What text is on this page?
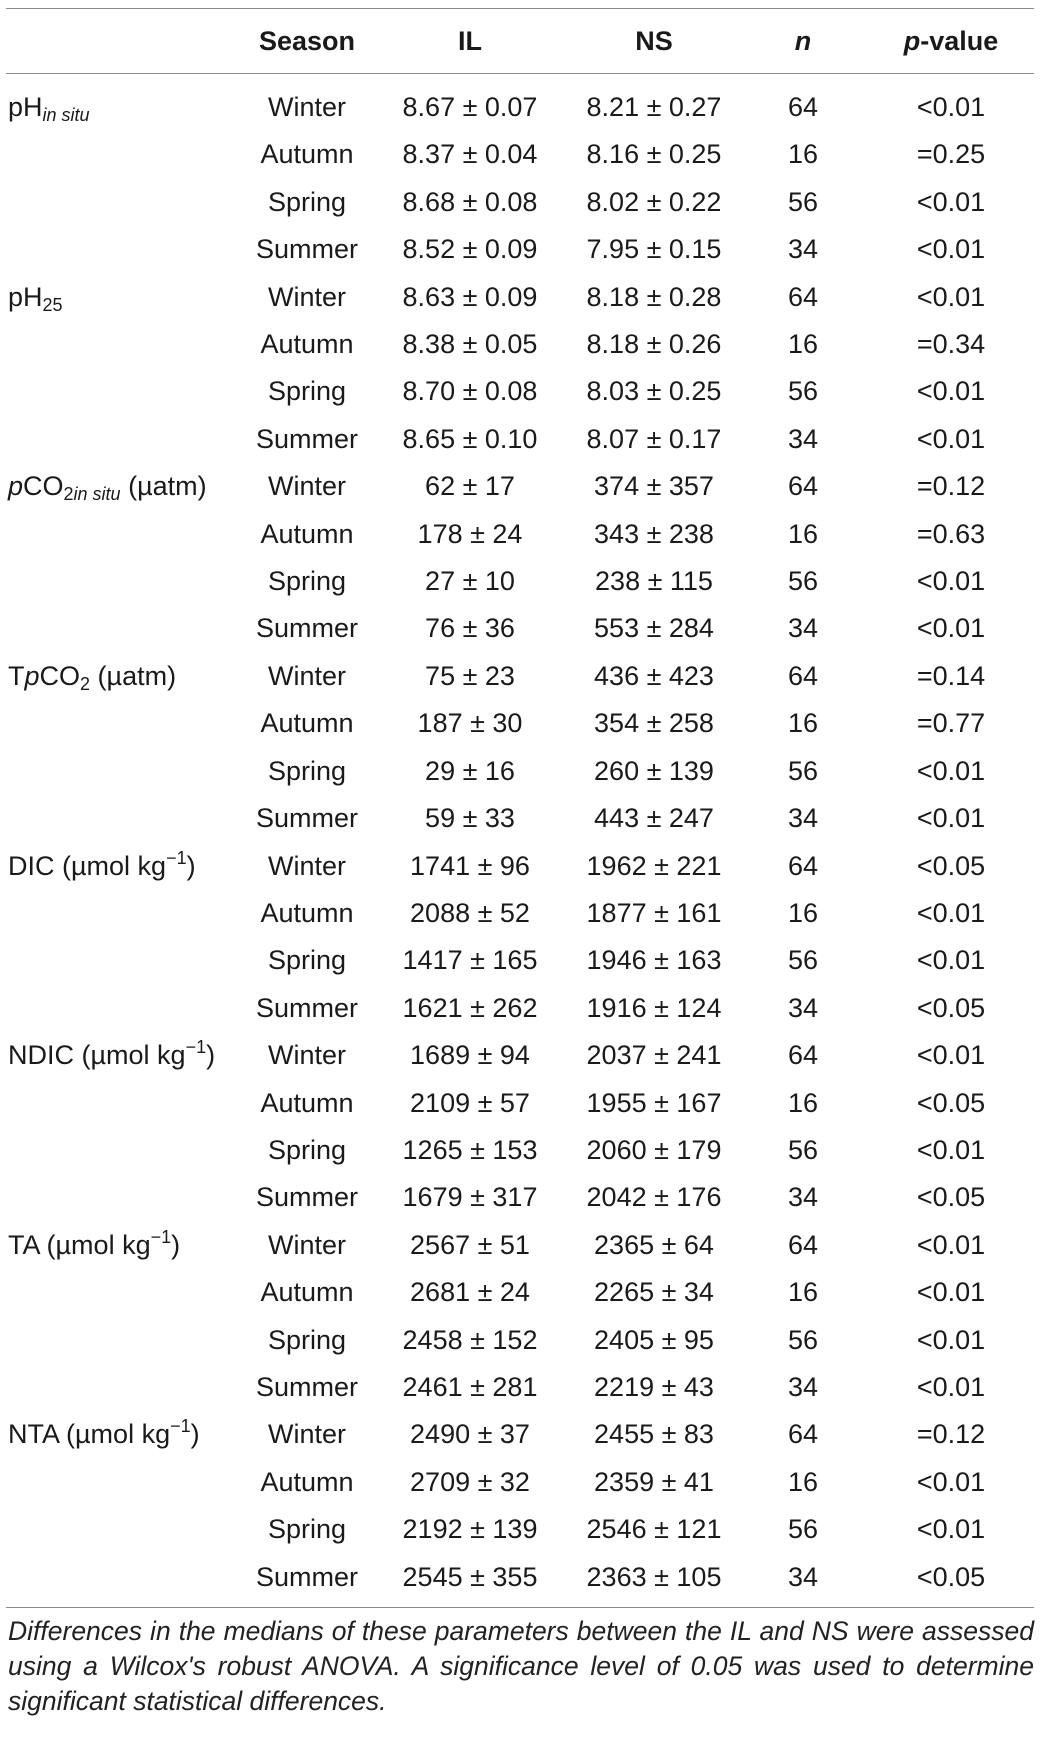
	Season	IL	NS	n	p-value
$pH_{in situ}$	Winter	8.67 ± 0.07	8.21 ± 0.27	64	<0.01
	Autumn	8.37 ± 0.04	8.16 ± 0.25	16	=0.25
	Spring	8.68 ± 0.08	8.02 ± 0.22	56	<0.01
	Summer	8.52 ± 0.09	7.95 ± 0.15	34	<0.01
$pH_{25}$	Winter	8.63 ± 0.09	8.18 ± 0.28	64	<0.01
	Autumn	8.38 ± 0.05	8.18 ± 0.26	16	=0.34
	Spring	8.70 ± 0.08	8.03 ± 0.25	56	<0.01
	Summer	8.65 ± 0.10	8.07 ± 0.17	34	<0.01
pCO$_{2in situ}$ (µatm)	Winter	62 ± 17	374 ± 357	64	=0.12
	Autumn	178 ± 24	343 ± 238	16	=0.63
	Spring	27 ± 10	238 ± 115	56	<0.01
	Summer	76 ± 36	553 ± 284	34	<0.01
TpCO$_2$ (µatm)	Winter	75 ± 23	436 ± 423	64	=0.14
	Autumn	187 ± 30	354 ± 258	16	=0.77
	Spring	29 ± 16	260 ± 139	56	<0.01
	Summer	59 ± 33	443 ± 247	34	<0.01
DIC (µmol $kg^{-1}$)	Winter	1741 ± 96	1962 ± 221	64	<0.05
	Autumn	2088 ± 52	1877 ± 161	16	<0.01
	Spring	1417 ± 165	1946 ± 163	56	<0.01
	Summer	1621 ± 262	1916 ± 124	34	<0.05
NDIC (µmol $kg^{-1}$)	Winter	1689 ± 94	2037 ± 241	64	<0.01
	Autumn	2109 ± 57	1955 ± 167	16	<0.05
	Spring	1265 ± 153	2060 ± 179	56	<0.01
	Summer	1679 ± 317	2042 ± 176	34	<0.05
TA (µmol $kg^{-1}$)	Winter	2567 ± 51	2365 ± 64	64	<0.01
	Autumn	2681 ± 24	2265 ± 34	16	<0.01
	Spring	2458 ± 152	2405 ± 95	56	<0.01
	Summer	2461 ± 281	2219 ± 43	34	<0.01
NTA (µmol $kg^{-1}$)	Winter	2490 ± 37	2455 ± 83	64	=0.12
	Autumn	2709 ± 32	2359 ± 41	16	<0.01
	Spring	2192 ± 139	2546 ± 121	56	<0.01
	Summer	2545 ± 355	2363 ± 105	34	<0.05
Differences in the medians of these parameters between the IL and NS were assessed using a Wilcox's robust ANOVA. A significance level of 0.05 was used to determine significant statistical differences.
